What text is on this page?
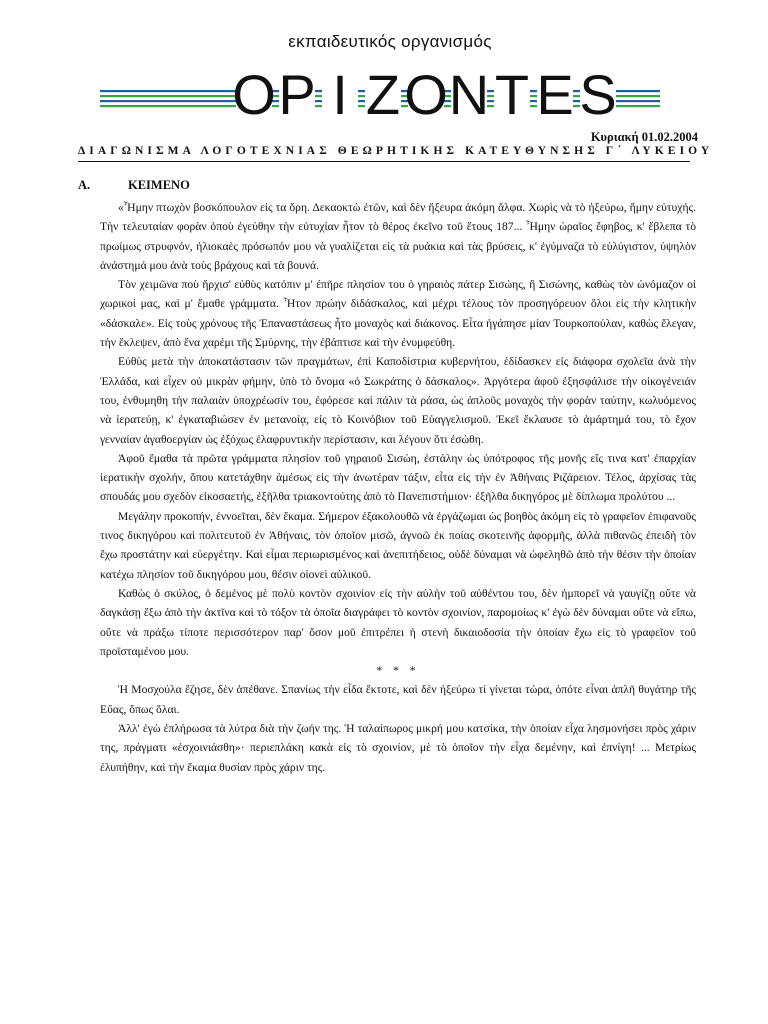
εκπαιδευτικός οργανισμός
O P I Z O N T E S
Κυριακή 01.02.2004
ΔΙΑΓΩΝΙΣΜΑ ΛΟΓΟΤΕΧΝΙΑΣ ΘΕΩΡΗΤΙΚΗΣ ΚΑΤΕΥΘΥΝΣΗΣ Γ΄ ΛΥΚΕΙΟΥ
Α.	ΚΕΙΜΕΝΟ

«Ἦμην πτωχὸν βοσκόπουλον εἰς τα ὄρη. Δεκαοκτὼ ἐτῶν, καὶ δὲν ἤξευρα ἀκόμη ἄλφα. Χωρὶς νὰ τὸ ἠξεύρω, ἤμην εὐτυχής. Τὴν τελευταίαν φορὰν ὁποὺ ἐγεύθην τὴν εὐτυχίαν ἦτον τὸ θέρος ἐκεῖνο τοῦ ἔτους 187... Ἦμην ὡραῖος ἔφηβος, κ' ἔβλεπα τὸ πρωίμως στρυφνόν, ἡλιοκαὲς πρόσωπόν μου νὰ γυαλίζεται εἰς τὰ ρυάκια καὶ τὰς βρύσεις, κ' ἐγύμναζα τὸ εὐλύγιστον, ὑψηλὸν ἀνάστημά μου ἀνὰ τοὺς βράχους καὶ τὰ βουνά.

Τὸν χειμῶνα ποὺ ἤρχισ' εὐθὺς κατόπιν μ' ἐπῆρε πλησίον του ὁ γηραιὸς πάτερ Σισώης, ἢ Σισώνης, καθὼς τὸν ὠνόμαζον οἱ χωρικοί μας, καὶ μ' ἔμαθε γράμματα. Ἦτον πρώην διδάσκαλος, καὶ μέχρι τέλους τὸν προσηγόρευον ὅλοι εἰς τὴν κλητικὴν «δάσκαλε». Εἰς τοὺς χρόνους τῆς Ἐπαναστάσεως ἦτο μοναχὸς καὶ διάκονος. Εἶτα ἠγάπησε μίαν Τουρκοπούλαν, καθὼς ἔλεγαν, τὴν ἔκλεψεν, ἀπὸ ἕνα χαρέμι τῆς Σμύρνης, τὴν ἐβάπτισε καὶ τὴν ἐνυμφεύθη.

Εὐθὺς μετὰ τὴν ἀποκατάστασιν τῶν πραγμάτων, ἐπὶ Καποδίστρια κυβερνήτου, ἐδίδασκεν εἰς διάφορα σχολεῖα ἀνὰ τὴν Ἑλλάδα, καὶ εἶχεν οὐ μικρὰν φήμην, ὑπὸ τὸ ὄνομα «ὁ Σωκράτης ὁ δάσκαλος». Ἀργότερα ἀφοῦ ἐξησφάλισε τὴν οἰκογένειάν του, ἐνθυμηθη τὴν παλαιὰν ὑποχρέωσίν του, ἐφόρεσε καὶ πάλιν τὰ ράσα, ὡς ἁπλοῦς μοναχὸς τὴν φορὰν ταύτην, κωλυόμενος νὰ ἱερατεύῃ, κ' ἐγκαταβιώσεν ἐν μετανοίᾳ, εἰς τὸ Κοινόβιον τοῦ Εὐαγγελισμοῦ. Ἐκεῖ ἔκλαυσε τὸ ἁμάρτημά του, τὸ ἔχον γενναίαν ἀγαθοεργίαν ὡς ἐξόχως ἐλαφρυντικὴν περίστασιν, και λέγουν ὅτι ἐσώθη.

Ἀφοῦ ἔμαθα τὰ πρῶτα γράμματα πλησίον τοῦ γηραιοῦ Σισώη, ἐστάλην ὡς ὑπότροφος τῆς μονῆς εἴς τινα κατ' ἐπαρχίαν ἱερατικὴν σχολήν, ὅπου κατετάχθην ἀμέσως εἰς τὴν ἀνωτέραν τάξιν, εἶτα εἰς τὴν ἐν Ἀθήναις Ριζάρειον. Τέλος, ἀρχίσας τὰς σπουδάς μου σχεδὸν εἰκοσαετής, ἐξῆλθα τριακοντούτης ἀπὸ τὸ Πανεπιστήμιον· ἐξῆλθα δικηγόρος μὲ δίπλωμα προλύτου ...

Μεγάλην προκοπήν, ἐννοεῖται, δὲν ἔκαμα. Σήμερον ἐξακολουθῶ νὰ ἐργάζωμαι ὡς βοηθὸς ἀκόμη εἰς τὸ γραφεῖον ἐπιφανοῦς τινος δικηγόρου καὶ πολιτευτοῦ ἐν Ἀθήναις, τὸν ὁποῖον μισῶ, ἀγνοῶ ἐκ ποίας σκοτεινῆς ἀφορμῆς, ἀλλὰ πιθανῶς ἐπειδὴ τὸν ἔχω προστάτην καὶ εὐεργέτην. Καὶ εἶμαι περιωρισμένος καὶ ἀνεπιτήδειος, οὐδὲ δύναμαι νὰ ὠφεληθῶ ἀπὸ τὴν θέσιν τὴν ὁποίαν κατέχω πλησίον τοῦ δικηγόρου μου, θέσιν οἱονεὶ αὐλικοῦ.

Καθὼς ὁ σκύλος, ὁ δεμένος μὲ πολὺ κοντὸν σχοινίον εἰς τὴν αὐλὴν τοῦ αὐθέντου του, δὲν ἠμπορεῖ νὰ γαυγίζῃ οὔτε νὰ δαγκάσῃ ἔξω ἀπὸ τὴν ἀκτῖνα καὶ τὸ τόξον τὰ ὁποῖα διαγράφει τὸ κοντὸν σχοινίον, παρομοίως κ' ἐγὼ δὲν δύναμαι οὔτε νὰ εἴπω, οὔτε νὰ πράξω τίποτε περισσότερον παρ' ὅσον μοῦ ἐπιτρέπει ἡ στενὴ δικαιοδοσία τὴν ὁποίαν ἔχω εἰς τὸ γραφεῖον τοῦ προϊσταμένου μου.

* * *

Ἡ Μοσχούλα ἔζησε, δὲν ἀπέθανε. Σπανίως τὴν εἶδα ἔκτοτε, καὶ δὲν ἠξεύρω τί γίνεται τώρα, ὁπότε εἶναι ἁπλῆ θυγάτηρ τῆς Εὔας, ὅπως ὅλαι.

Ἀλλ' ἐγὼ ἐπλήρωσα τὰ λύτρα διὰ τὴν ζωήν της. Ἡ ταλαίπωρος μικρή μου κατσίκα, τὴν ὁποίαν εἶχα λησμονήσει πρὸς χάριν της, πράγματι «ἐσχοινιάσθη»· περιεπλάκη κακὰ εἰς τὸ σχοινίον, μὲ τὸ ὁποῖον τὴν εἶχα δεμένην, καὶ ἐπνίγη! ... Μετρίως ἐλυπήθην, καὶ τὴν ἔκαμα θυσίαν πρὸς χάριν της.
